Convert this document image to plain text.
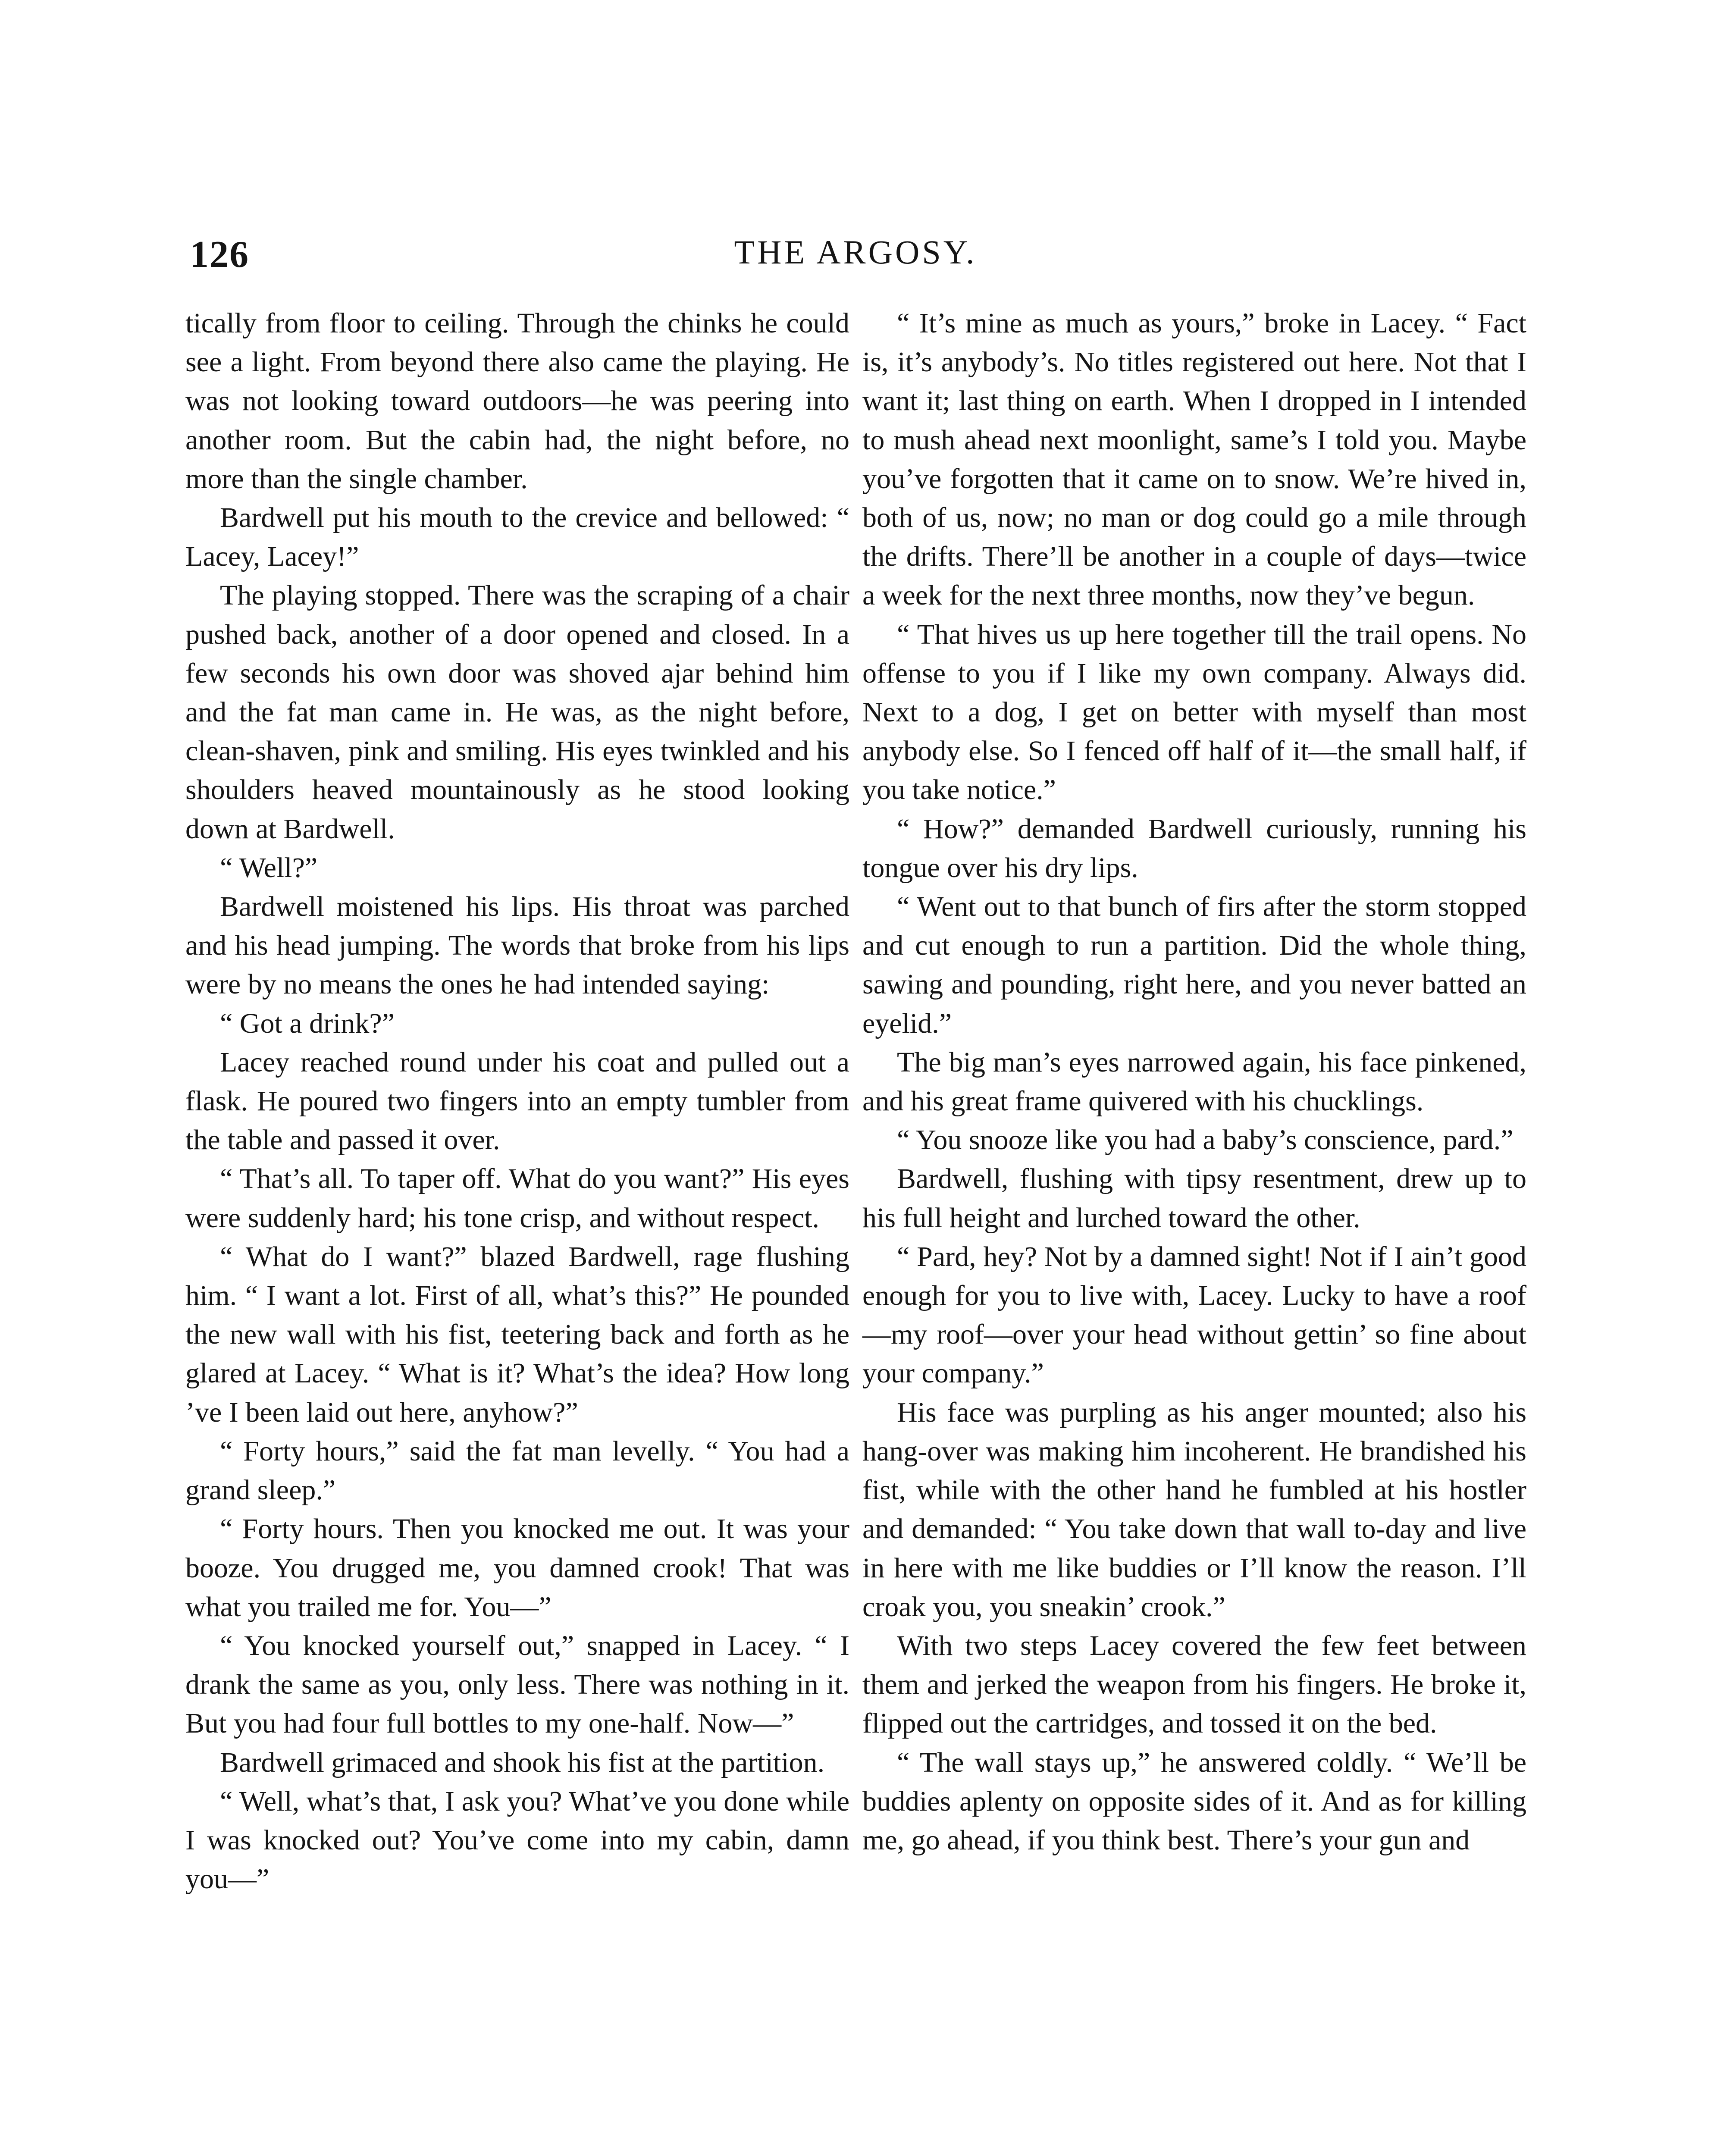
126	THE ARGOSY.

tically from floor to ceiling. Through the chinks he could see a light. From beyond there also came the playing. He was not looking toward outdoors—he was peering into another room. But the cabin had, the night before, no more than the single chamber.

Bardwell put his mouth to the crevice and bellowed: “ Lacey, Lacey!”

The playing stopped. There was the scraping of a chair pushed back, another of a door opened and closed. In a few seconds his own door was shoved ajar behind him and the fat man came in. He was, as the night before, clean-shaven, pink and smiling. His eyes twinkled and his shoulders heaved mountainously as he stood looking down at Bardwell.

“ Well?”

Bardwell moistened his lips. His throat was parched and his head jumping. The words that broke from his lips were by no means the ones he had intended saying:

“ Got a drink?”

Lacey reached round under his coat and pulled out a flask. He poured two fingers into an empty tumbler from the table and passed it over.

“ That’s all. To taper off. What do you want?” His eyes were suddenly hard; his tone crisp, and without respect.

“ What do I want?” blazed Bardwell, rage flushing him. “ I want a lot. First of all, what’s this?” He pounded the new wall with his fist, teetering back and forth as he glared at Lacey. “ What is it? What’s the idea? How long ’ve I been laid out here, anyhow?”

“ Forty hours,” said the fat man levelly. “ You had a grand sleep.”

“ Forty hours. Then you knocked me out. It was your booze. You drugged me, you damned crook! That was what you trailed me for. You—”

“ You knocked yourself out,” snapped in Lacey. “ I drank the same as you, only less. There was nothing in it. But you had four full bottles to my one-half. Now—”

Bardwell grimaced and shook his fist at the partition.

“ Well, what’s that, I ask you? What’ve you done while I was knocked out? You’ve come into my cabin, damn you—”

“ It’s mine as much as yours,” broke in Lacey. “ Fact is, it’s anybody’s. No titles registered out here. Not that I want it; last thing on earth. When I dropped in I intended to mush ahead next moonlight, same’s I told you. Maybe you’ve forgotten that it came on to snow. We’re hived in, both of us, now; no man or dog could go a mile through the drifts. There’ll be another in a couple of days—twice a week for the next three months, now they’ve begun.

“ That hives us up here together till the trail opens. No offense to you if I like my own company. Always did. Next to a dog, I get on better with myself than most anybody else. So I fenced off half of it—the small half, if you take notice.”

“ How?” demanded Bardwell curiously, running his tongue over his dry lips.

“ Went out to that bunch of firs after the storm stopped and cut enough to run a partition. Did the whole thing, sawing and pounding, right here, and you never batted an eyelid.”

The big man’s eyes narrowed again, his face pinkened, and his great frame quivered with his chucklings.

“ You snooze like you had a baby’s conscience, pard.”

Bardwell, flushing with tipsy resentment, drew up to his full height and lurched toward the other.

“ Pard, hey? Not by a damned sight! Not if I ain’t good enough for you to live with, Lacey. Lucky to have a roof—my roof—over your head without gettin’ so fine about your company.”

His face was purpling as his anger mounted; also his hang-over was making him incoherent. He brandished his fist, while with the other hand he fumbled at his hostler and demanded: “ You take down that wall to-day and live in here with me like buddies or I’ll know the reason. I’ll croak you, you sneakin’ crook.”

With two steps Lacey covered the few feet between them and jerked the weapon from his fingers. He broke it, flipped out the cartridges, and tossed it on the bed.

“ The wall stays up,” he answered coldly. “ We’ll be buddies aplenty on opposite sides of it. And as for killing me, go ahead, if you think best. There’s your gun and
